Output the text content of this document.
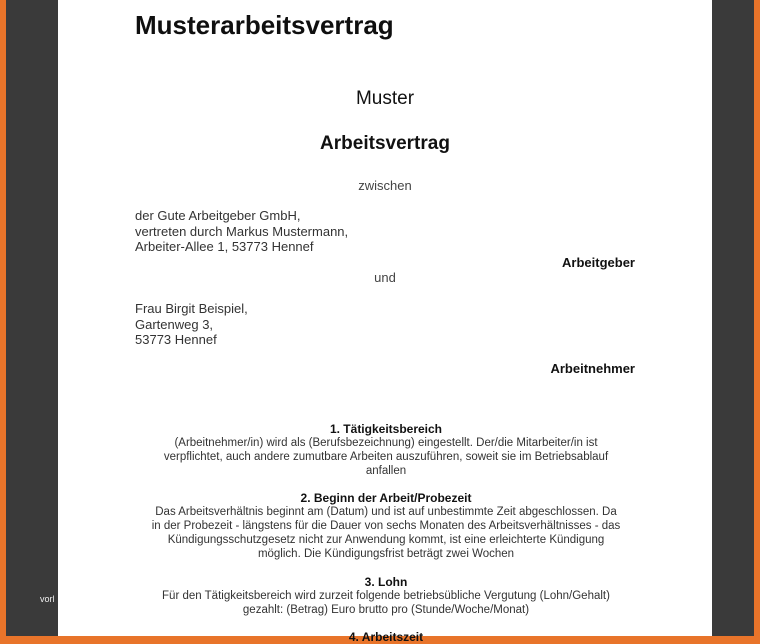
Musterarbeitsvertrag
Muster
Arbeitsvertrag
zwischen
der Gute Arbeitgeber GmbH,
vertreten durch Markus Mustermann,
Arbeiter-Allee 1, 53773 Hennef
Arbeitgeber
und
Frau Birgit Beispiel,
Gartenweg 3,
53773 Hennef
Arbeitnehmer
1. Tätigkeitsbereich
(Arbeitnehmer/in) wird als (Berufsbezeichnung) eingestellt. Der/die Mitarbeiter/in ist
verpflichtet, auch andere zumutbare Arbeiten auszuführen, soweit sie im Betriebsablauf
anfallen
2. Beginn der Arbeit/Probezeit
Das Arbeitsverhältnis beginnt am (Datum) und ist auf unbestimmte Zeit abgeschlossen. Da
in der Probezeit - längstens für die Dauer von sechs Monaten des Arbeitsverhältnisses - das
Kündigungsschutzgesetz nicht zur Anwendung kommt, ist eine erleichterte Kündigung
möglich. Die Kündigungsfrist beträgt zwei Wochen
3. Lohn
Für den Tätigkeitsbereich wird zurzeit folgende betriebsübliche Vergutung (Lohn/Gehalt)
gezahlt: (Betrag) Euro brutto pro (Stunde/Woche/Monat)
4. Arbeitszeit
vorl
